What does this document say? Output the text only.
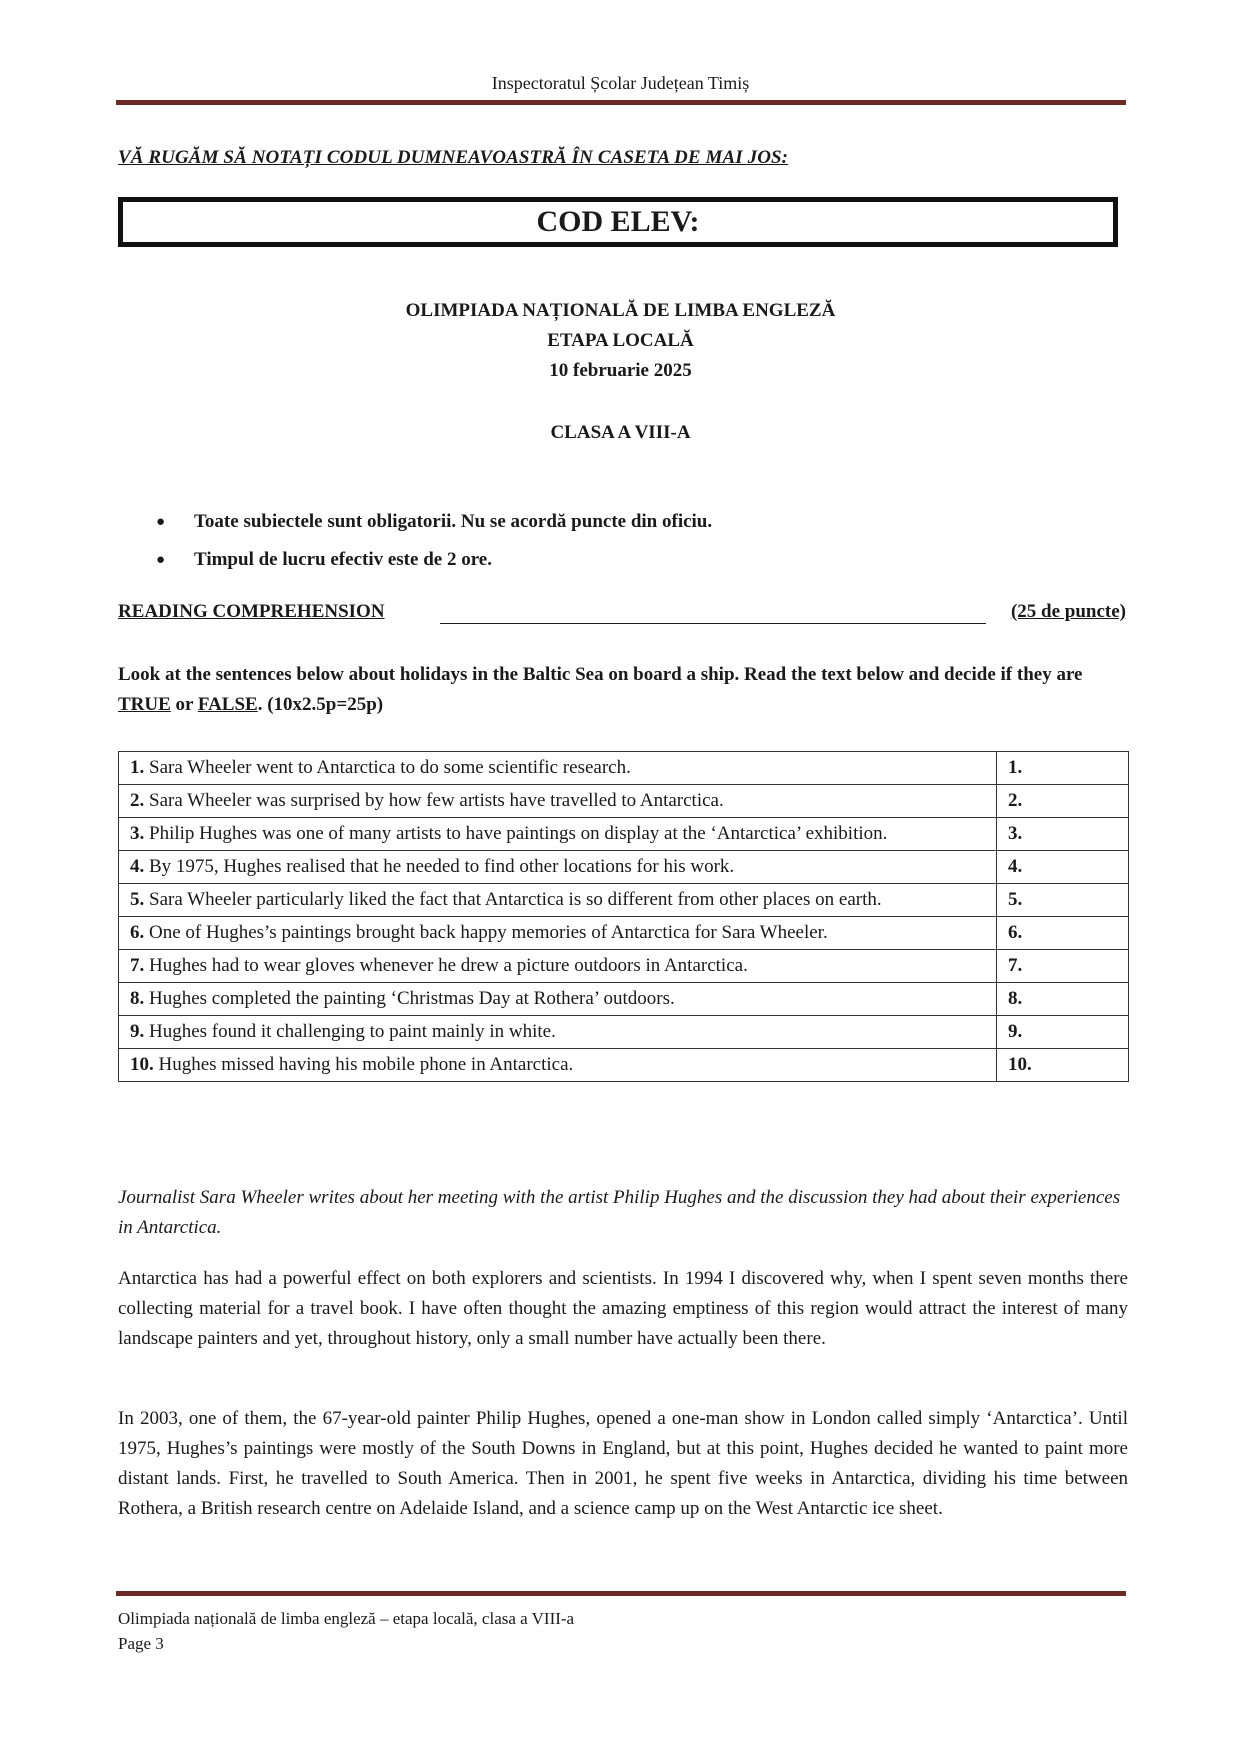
Inspectoratul Școlar Județean Timiș
VĂ RUGĂM SĂ NOTAȚI CODUL DUMNEAVOASTRĂ ÎN CASETA DE MAI JOS:
COD ELEV:
OLIMPIADA NAȚIONALĂ DE LIMBA ENGLEZĂ
ETAPA LOCALĂ
10 februarie 2025
CLASA A VIII-A
● Toate subiectele sunt obligatorii. Nu se acordă puncte din oficiu.
● Timpul de lucru efectiv este de 2 ore.
READING COMPREHENSION	(25 de puncte)
Look at the sentences below about holidays in the Baltic Sea on board a ship. Read the text below and decide if they are TRUE or FALSE. (10x2.5p=25p)
1. Sara Wheeler went to Antarctica to do some scientific research.	1.
2. Sara Wheeler was surprised by how few artists have travelled to Antarctica.	2.
3. Philip Hughes was one of many artists to have paintings on display at the ‘Antarctica’ exhibition.	3.
4. By 1975, Hughes realised that he needed to find other locations for his work.	4.
5. Sara Wheeler particularly liked the fact that Antarctica is so different from other places on earth.	5.
6. One of Hughes’s paintings brought back happy memories of Antarctica for Sara Wheeler.	6.
7. Hughes had to wear gloves whenever he drew a picture outdoors in Antarctica.	7.
8. Hughes completed the painting ‘Christmas Day at Rothera’ outdoors.	8.
9. Hughes found it challenging to paint mainly in white.	9.
10. Hughes missed having his mobile phone in Antarctica.	10.
Journalist Sara Wheeler writes about her meeting with the artist Philip Hughes and the discussion they had about their experiences in Antarctica.
Antarctica has had a powerful effect on both explorers and scientists. In 1994 I discovered why, when I spent seven months there collecting material for a travel book. I have often thought the amazing emptiness of this region would attract the interest of many landscape painters and yet, throughout history, only a small number have actually been there.
In 2003, one of them, the 67-year-old painter Philip Hughes, opened a one-man show in London called simply ‘Antarctica’. Until 1975, Hughes’s paintings were mostly of the South Downs in England, but at this point, Hughes decided he wanted to paint more distant lands. First, he travelled to South America. Then in 2001, he spent five weeks in Antarctica, dividing his time between Rothera, a British research centre on Adelaide Island, and a science camp up on the West Antarctic ice sheet.
Olimpiada națională de limba engleză – etapa locală, clasa a VIII-a
Page 3
